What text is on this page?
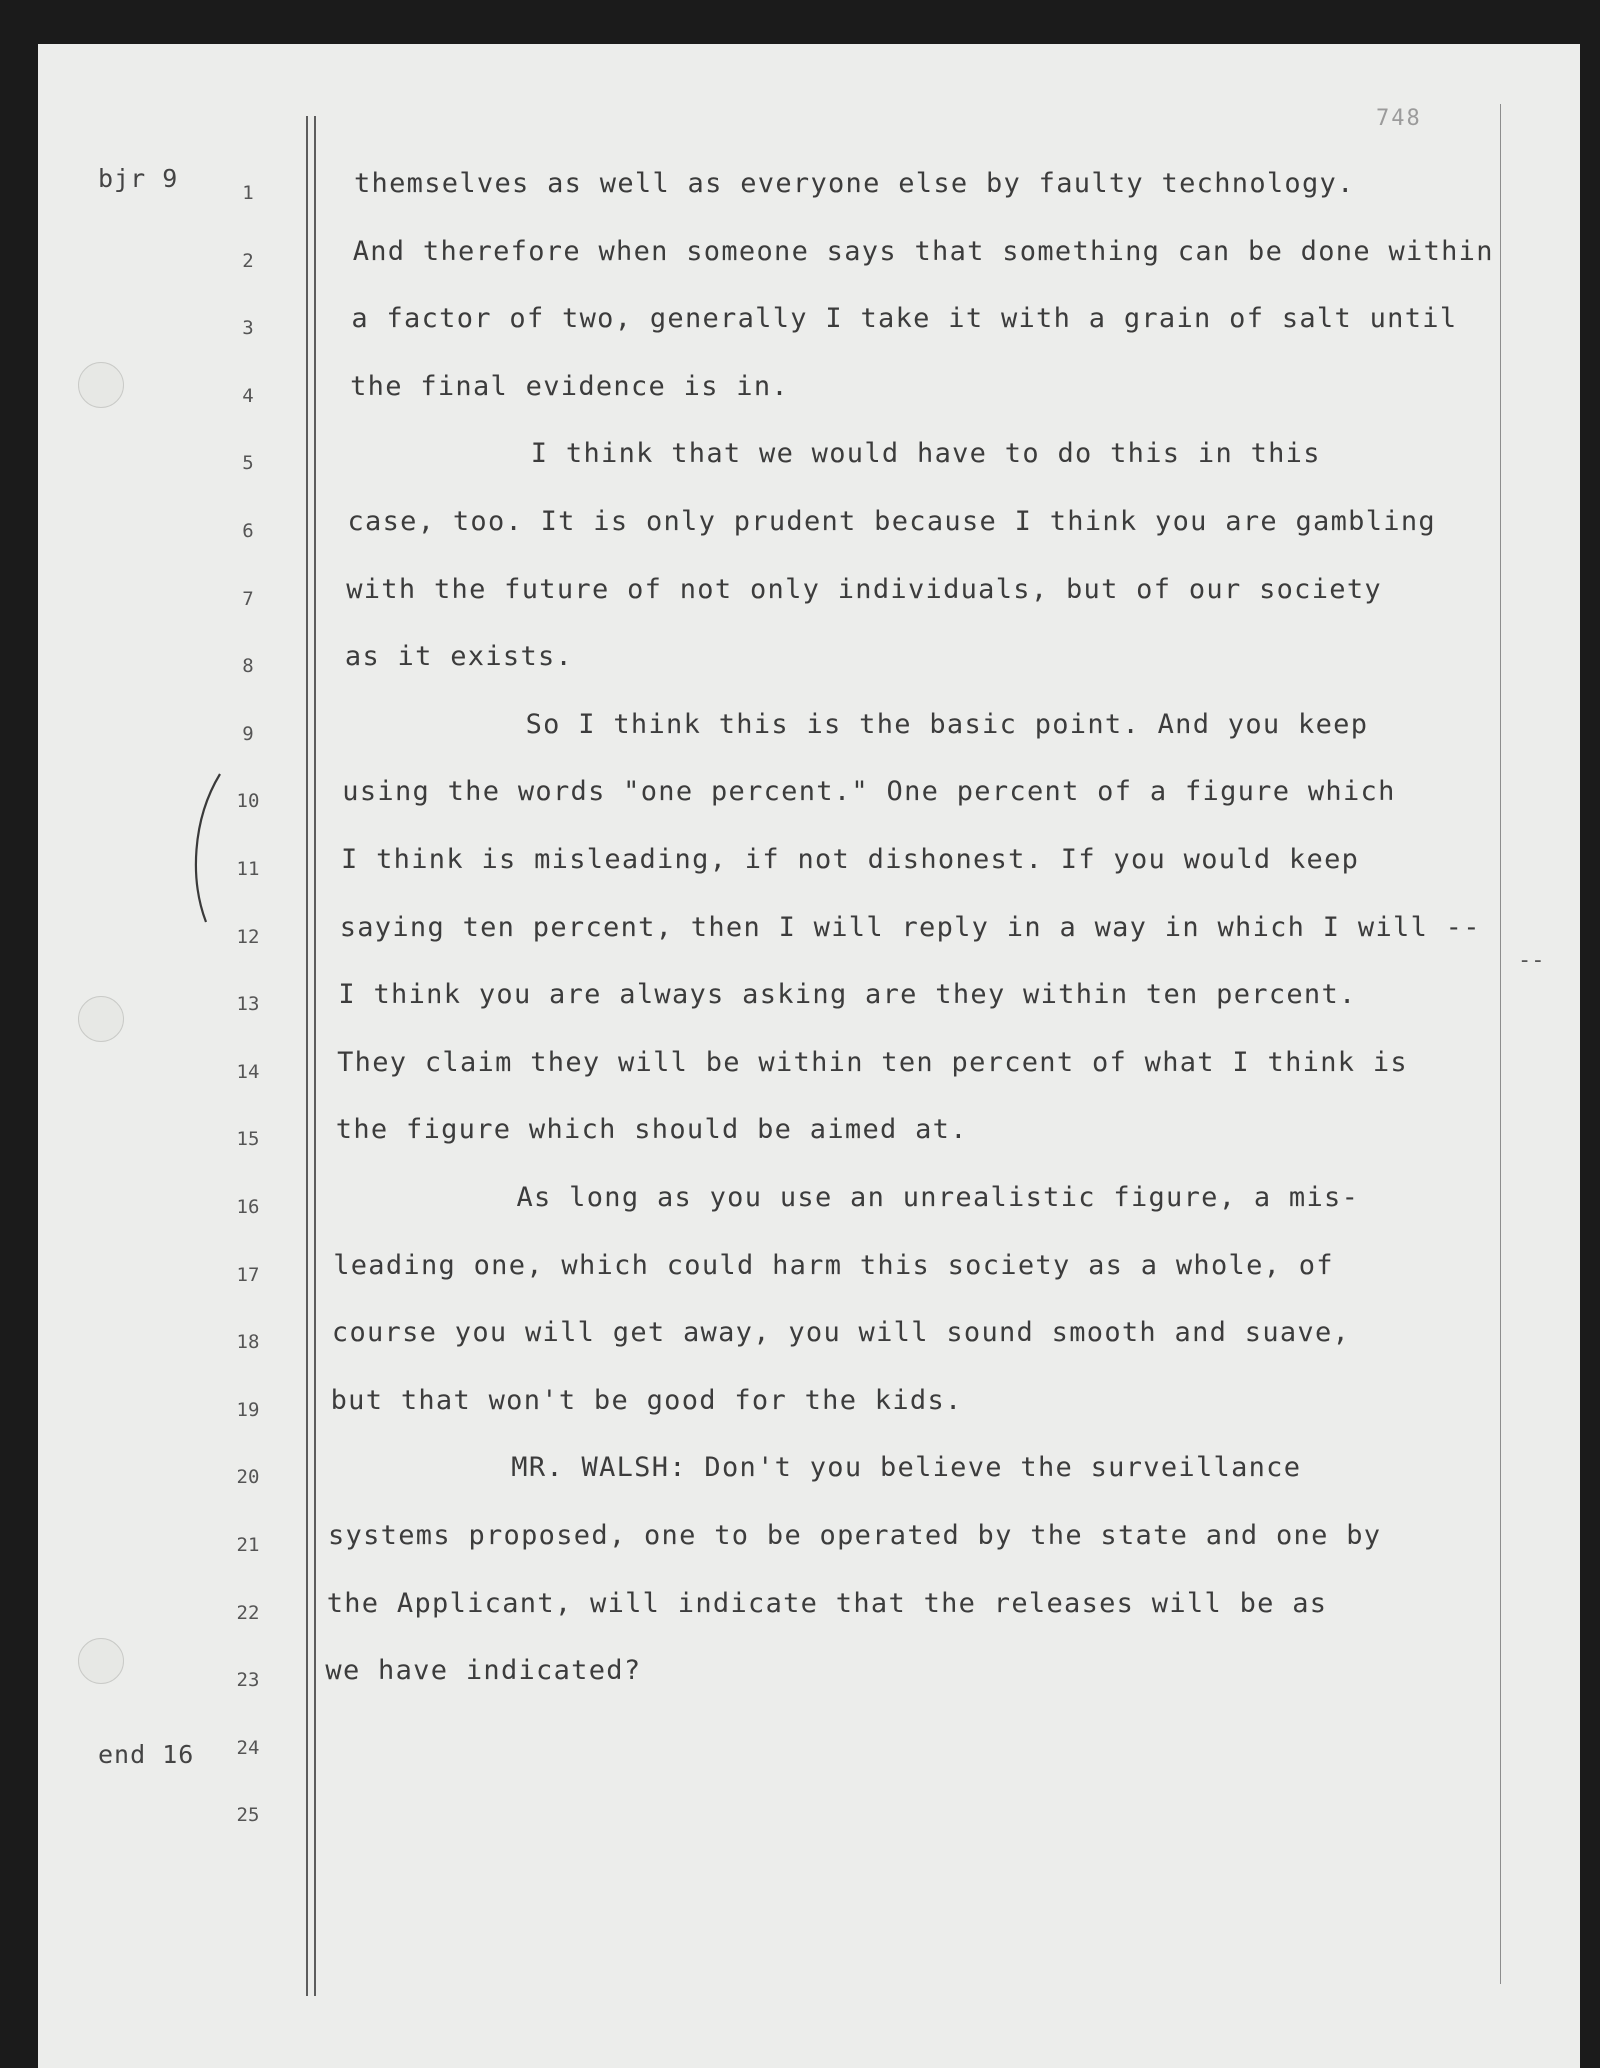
748
bjr 9
end 16
1
2
3
4
5
6
7
8
9
10
11
12
13
14
15
16
17
18
19
20
21
22
23
24
25
themselves as well as everyone else by faulty technology.
And therefore when someone says that something can be done within
a factor of two, generally I take it with a grain of salt until
the final evidence is in.
I think that we would have to do this in this
case, too. It is only prudent because I think you are gambling
with the future of not only individuals, but of our society
as it exists.
So I think this is the basic point. And you keep
using the words "one percent." One percent of a figure which
I think is misleading, if not dishonest. If you would keep
saying ten percent, then I will reply in a way in which I will --
I think you are always asking are they within ten percent.
They claim they will be within ten percent of what I think is
the figure which should be aimed at.
As long as you use an unrealistic figure, a mis-
leading one, which could harm this society as a whole, of
course you will get away, you will sound smooth and suave,
but that won't be good for the kids.
MR. WALSH: Don't you believe the surveillance
systems proposed, one to be operated by the state and one by
the Applicant, will indicate that the releases will be as
we have indicated?
--
